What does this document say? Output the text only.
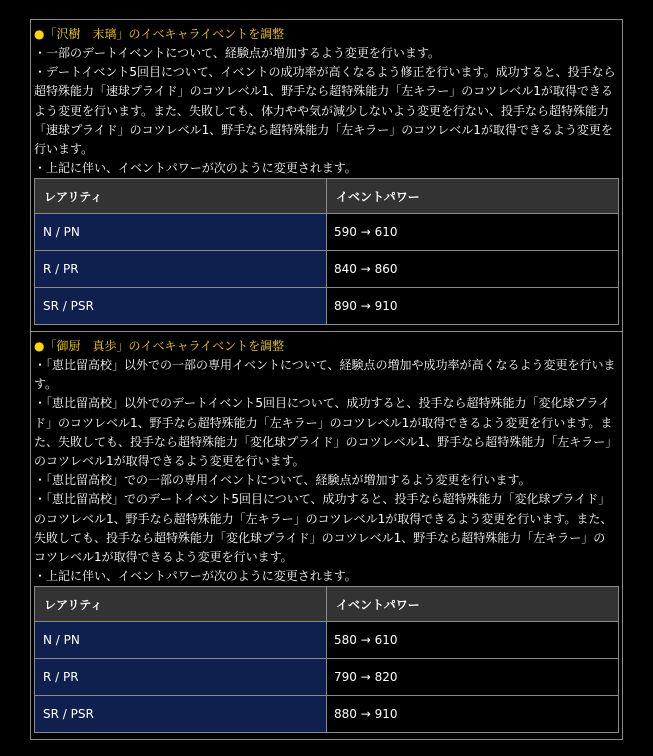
●「沢樹　末璃」のイベキャライベントを調整

・一部のデートイベントについて、経験点が増加するよう変更を行います。

・デートイベント5回目について、イベントの成功率が高くなるよう修正を行います。成功すると、投手なら超特殊能力「速球プライド」のコツレベル1、野手なら超特殊能力「左キラー」のコツレベル1が取得できるよう変更を行います。また、失敗しても、体力やや気が減少しないよう変更を行ない、投手なら超特殊能力「速球プライド」のコツレベル1、野手なら超特殊能力「左キラー」のコツレベル1が取得できるよう変更を行います。

・上記に伴い、イベントパワーが次のように変更されます。

レアリティ	イベントパワー
N / PN	590 → 610
R / PR	840 → 860
SR / PSR	890 → 910
●「御厨　真歩」のイベキャライベントを調整

・「恵比留高校」以外での一部の専用イベントについて、経験点の増加や成功率が高くなるよう変更を行います。

・「恵比留高校」以外でのデートイベント5回目について、成功すると、投手なら超特殊能力「変化球プライド」のコツレベル1、野手なら超特殊能力「左キラー」のコツレベル1が取得できるよう変更を行います。また、失敗しても、投手なら超特殊能力「変化球プライド」のコツレベル1、野手なら超特殊能力「左キラー」のコツレベル1が取得できるよう変更を行います。

・「恵比留高校」での一部の専用イベントについて、経験点が増加するよう変更を行います。

・「恵比留高校」でのデートイベント5回目について、成功すると、投手なら超特殊能力「変化球プライド」のコツレベル1、野手なら超特殊能力「左キラー」のコツレベル1が取得できるよう変更を行います。また、失敗しても、投手なら超特殊能力「変化球プライド」のコツレベル1、野手なら超特殊能力「左キラー」のコツレベル1が取得できるよう変更を行います。

・上記に伴い、イベントパワーが次のように変更されます。

レアリティ	イベントパワー
N / PN	580 → 610
R / PR	790 → 820
SR / PSR	880 → 910
